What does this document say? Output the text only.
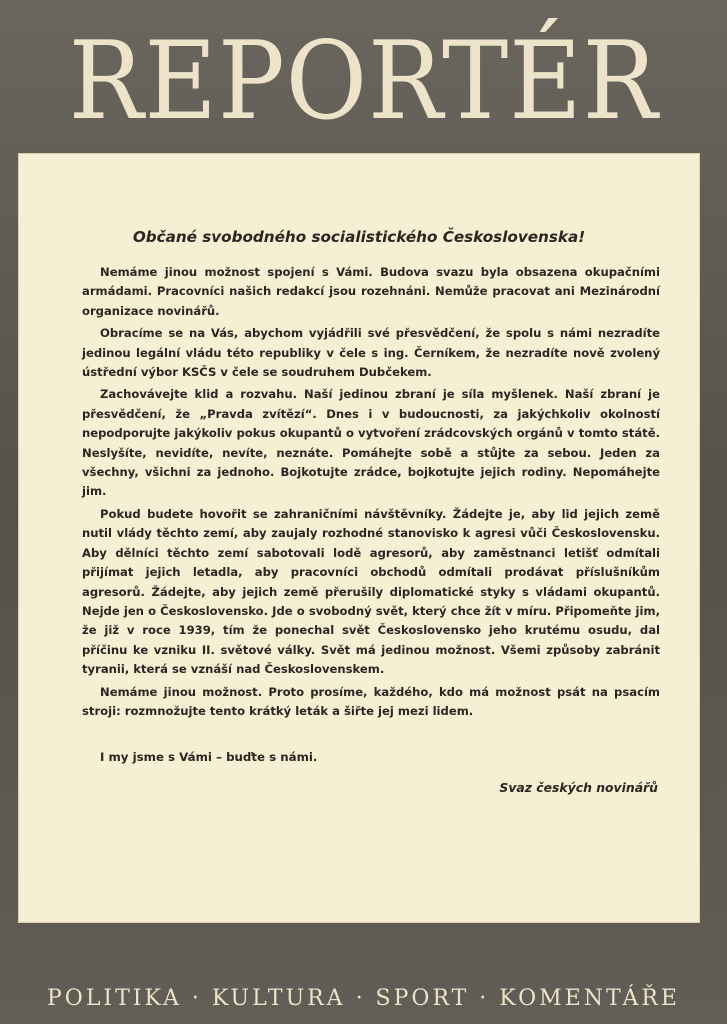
REPORTÉR
Občané svobodného socialistického Československa!

Nemáme jinou možnost spojení s Vámi. Budova svazu byla obsazena okupačními armádami. Pracovníci našich redakcí jsou rozehnáni. Nemůže pracovat ani Mezinárodní organizace novinářů.

Obracíme se na Vás, abychom vyjádřili své přesvědčení, že spolu s námi nezradíte jedinou legální vládu této republiky v čele s ing. Černíkem, že nezradíte nově zvolený ústřední výbor KSČS v čele se soudruhem Dubčekem.

Zachovávejte klid a rozvahu. Naší jedinou zbraní je síla myšlenek. Naší zbraní je přesvědčení, že „Pravda zvítězí“. Dnes i v budoucnosti, za jakýchkoliv okolností nepodporujte jakýkoliv pokus okupantů o vytvoření zrádcovských orgánů v tomto státě. Neslyšíte, nevidíte, nevíte, neznáte. Pomáhejte sobě a stůjte za sebou. Jeden za všechny, všichni za jednoho. Bojkotujte zrádce, bojkotujte jejich rodiny. Nepomáhejte jim.

Pokud budete hovořit se zahraničními návštěvníky. Žádejte je, aby lid jejich země nutil vlády těchto zemí, aby zaujaly rozhodné stanovisko k agresi vůči Československu. Aby dělníci těchto zemí sabotovali lodě agresorů, aby zaměstnanci letišť odmítali přijímat jejich letadla, aby pracovníci obchodů odmítali prodávat příslušníkům agresorů. Žádejte, aby jejich země přerušily diplomatické styky s vládami okupantů. Nejde jen o Československo. Jde o svobodný svět, který chce žít v míru. Připomeňte jim, že již v roce 1939, tím že ponechal svět Československo jeho krutému osudu, dal příčinu ke vzniku II. světové války. Svět má jedinou možnost. Všemi způsoby zabránit tyranii, která se vznáší nad Československem.

Nemáme jinou možnost. Proto prosíme, každého, kdo má možnost psát na psacím stroji: rozmnožujte tento krátký leták a šiřte jej mezi lidem.

I my jsme s Vámi – buďte s námi.
Svaz českých novinářů
POLITIKA · KULTURA · SPORT · KOMENTÁŘE
